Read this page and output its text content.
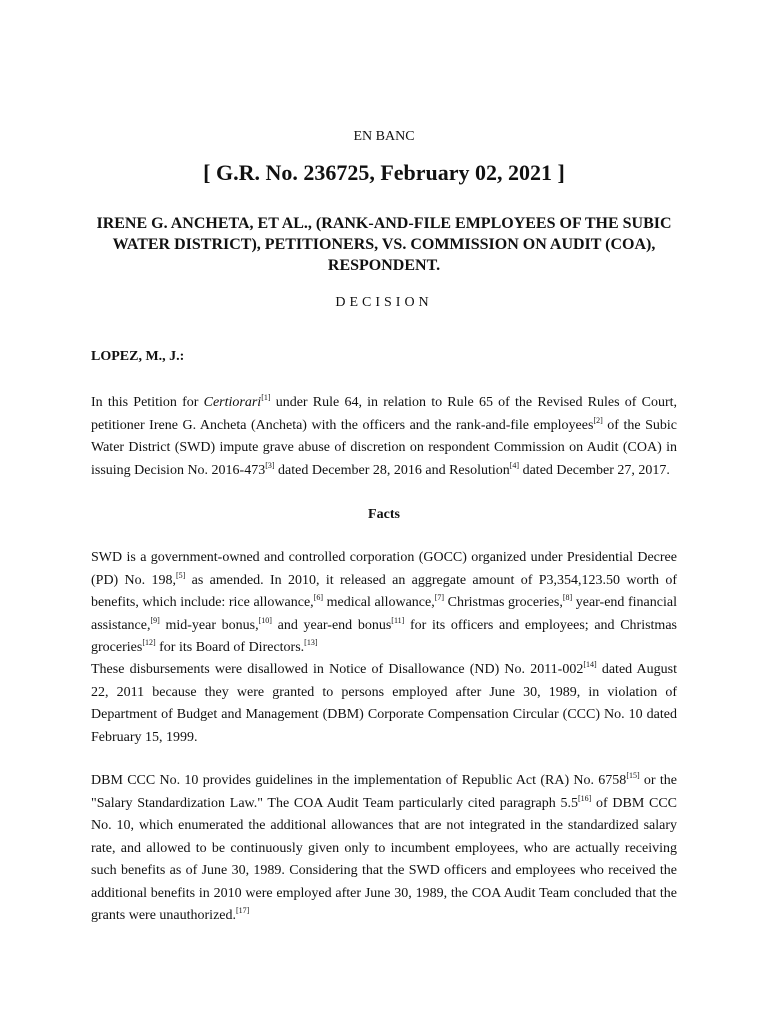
EN BANC
[ G.R. No. 236725, February 02, 2021 ]
IRENE G. ANCHETA, ET AL., (RANK-AND-FILE EMPLOYEES OF THE SUBIC WATER DISTRICT), PETITIONERS, VS. COMMISSION ON AUDIT (COA), RESPONDENT.
DECISION
LOPEZ, M., J.:

In this Petition for Certiorari[1] under Rule 64, in relation to Rule 65 of the Revised Rules of Court, petitioner Irene G. Ancheta (Ancheta) with the officers and the rank-and-file employees[2] of the Subic Water District (SWD) impute grave abuse of discretion on respondent Commission on Audit (COA) in issuing Decision No. 2016-473[3] dated December 28, 2016 and Resolution[4] dated December 27, 2017.

Facts

SWD is a government-owned and controlled corporation (GOCC) organized under Presidential Decree (PD) No. 198,[5] as amended. In 2010, it released an aggregate amount of P3,354,123.50 worth of benefits, which include: rice allowance,[6] medical allowance,[7] Christmas groceries,[8] year-end financial assistance,[9] mid-year bonus,[10] and year-end bonus[11] for its officers and employees; and Christmas groceries[12] for its Board of Directors.[13]

These disbursements were disallowed in Notice of Disallowance (ND) No. 2011-002[14] dated August 22, 2011 because they were granted to persons employed after June 30, 1989, in violation of Department of Budget and Management (DBM) Corporate Compensation Circular (CCC) No. 10 dated February 15, 1999.

DBM CCC No. 10 provides guidelines in the implementation of Republic Act (RA) No. 6758[15] or the "Salary Standardization Law." The COA Audit Team particularly cited paragraph 5.5[16] of DBM CCC No. 10, which enumerated the additional allowances that are not integrated in the standardized salary rate, and allowed to be continuously given only to incumbent employees, who are actually receiving such benefits as of June 30, 1989. Considering that the SWD officers and employees who received the additional benefits in 2010 were employed after June 30, 1989, the COA Audit Team concluded that the grants were unauthorized.[17]
